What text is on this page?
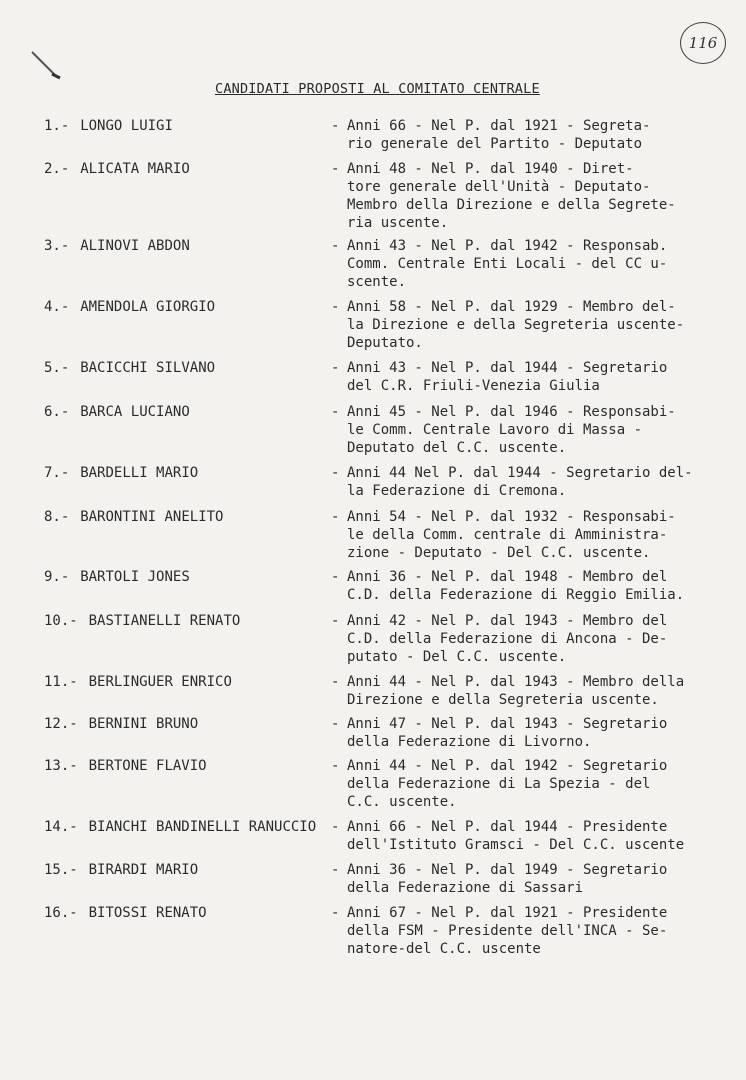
116
CANDIDATI PROPOSTI AL COMITATO CENTRALE
1.- LONGO LUIGI	- Anni 66 - Nel P. dal 1921 - Segreta-
rio generale del Partito - Deputato
2.- ALICATA MARIO	- Anni 48 - Nel P. dal 1940 - Diret-
tore generale dell'Unità - Deputato-
Membro della Direzione e della Segrete-
ria uscente.
3.- ALINOVI ABDON	- Anni 43 - Nel P. dal 1942 - Responsab.
Comm. Centrale Enti Locali - del CC u-
scente.
4.- AMENDOLA GIORGIO	- Anni 58 - Nel P. dal 1929 - Membro del-
la Direzione e della Segreteria uscente-
Deputato.
5.- BACICCHI SILVANO	- Anni 43 - Nel P. dal 1944 - Segretario
del C.R. Friuli-Venezia Giulia
6.- BARCA LUCIANO	- Anni 45 - Nel P. dal 1946 - Responsabi-
le Comm. Centrale Lavoro di Massa -
Deputato del C.C. uscente.
7.- BARDELLI MARIO	- Anni 44 Nel P. dal 1944 - Segretario del-
la Federazione di Cremona.
8.- BARONTINI ANELITO	- Anni 54 - Nel P. dal 1932 - Responsabi-
le della Comm. centrale di Amministra-
zione - Deputato - Del C.C. uscente.
9.- BARTOLI JONES	- Anni 36 - Nel P. dal 1948 - Membro del
C.D. della Federazione di Reggio Emilia.
10.- BASTIANELLI RENATO	- Anni 42 - Nel P. dal 1943 - Membro del
C.D. della Federazione di Ancona - De-
putato - Del C.C. uscente.
11.- BERLINGUER ENRICO	- Anni 44 - Nel P. dal 1943 - Membro della
Direzione e della Segreteria uscente.
12.- BERNINI BRUNO	- Anni 47 - Nel P. dal 1943 - Segretario
della Federazione di Livorno.
13.- BERTONE FLAVIO	- Anni 44 - Nel P. dal 1942 - Segretario
della Federazione di La Spezia - del
C.C. uscente.
14.- BIANCHI BANDINELLI RANUCCIO - Anni 66 - Nel P. dal 1944 - Presidente
dell'Istituto Gramsci - Del C.C. uscente
15.- BIRARDI MARIO	- Anni 36 - Nel P. dal 1949 - Segretario
della Federazione di Sassari
16.- BITOSSI RENATO	- Anni 67 - Nel P. dal 1921 - Presidente
della FSM - Presidente dell'INCA - Se-
natore-del C.C. uscente
